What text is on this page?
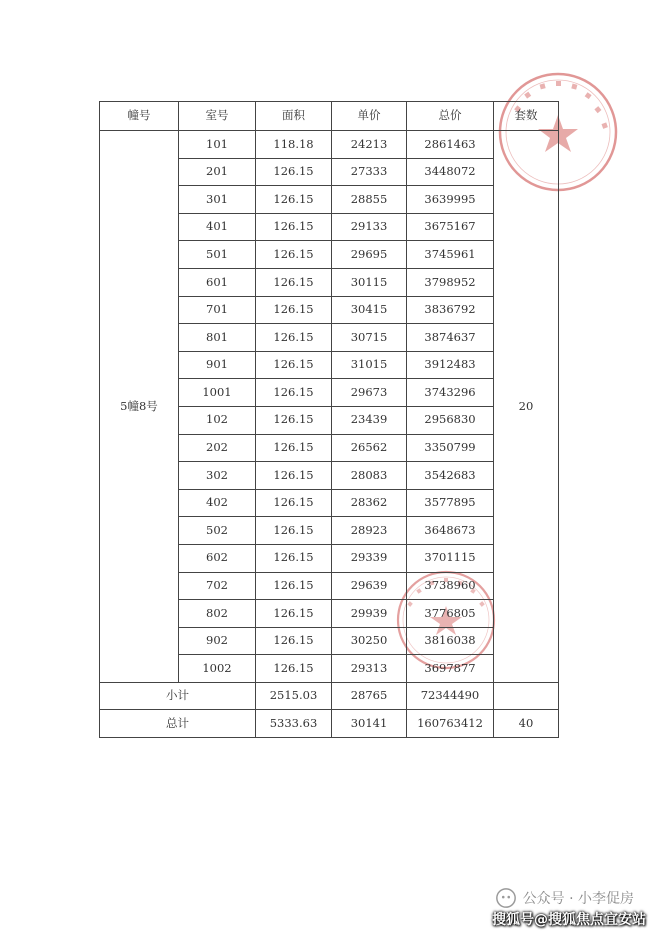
幢号	室号	面积	单价	总价	套数
5幢8号	101	118.18	24213	2861463	20
	201	126.15	27333	3448072	
	301	126.15	28855	3639995	
	401	126.15	29133	3675167	
	501	126.15	29695	3745961	
	601	126.15	30115	3798952	
	701	126.15	30415	3836792	
	801	126.15	30715	3874637	
	901	126.15	31015	3912483	
	1001	126.15	29673	3743296	
	102	126.15	23439	2956830	
	202	126.15	26562	3350799	
	302	126.15	28083	3542683	
	402	126.15	28362	3577895	
	502	126.15	28923	3648673	
	602	126.15	29339	3701115	
	702	126.15	29639	3738960	
	802	126.15	29939	3776805	
	902	126.15	30250	3816038	
	1002	126.15	29313	3697877	
小计		2515.03	28765	72344490	
总计		5333.63	30141	160763412	40
公众号 · 小李促房
搜狐号@搜狐焦点宜安站
